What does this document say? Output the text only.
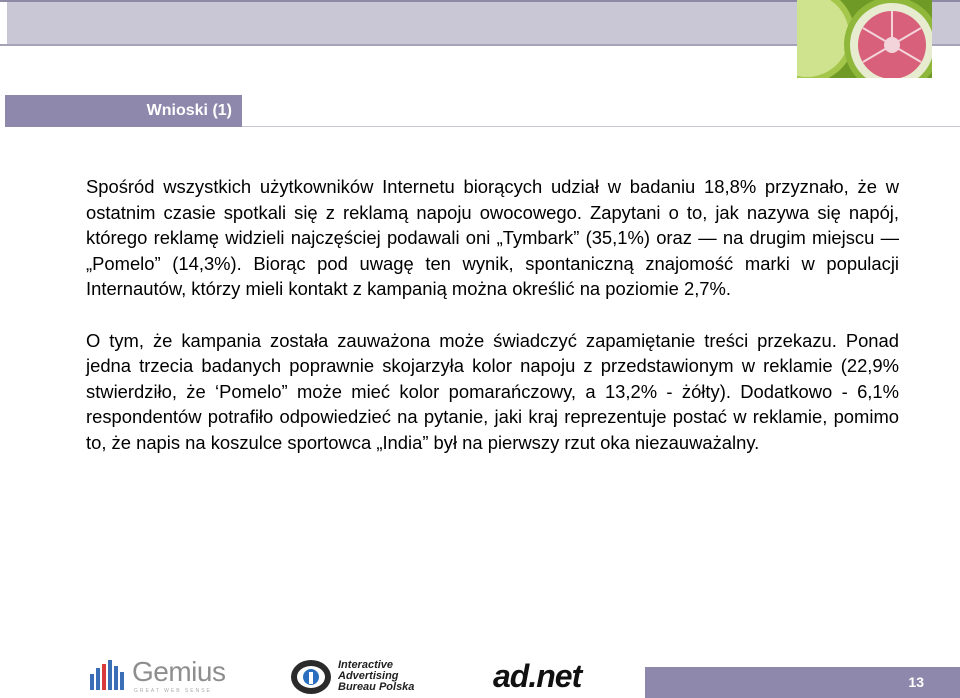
Wnioski (1)

Spośród wszystkich użytkowników Internetu biorących udział w badaniu 18,8% przyznało, że w ostatnim czasie spotkali się z reklamą napoju owocowego. Zapytani o to, jak nazywa się napój, którego reklamę widzieli najczęściej podawali oni „Tymbark” (35,1%) oraz — na drugim miejscu — „Pomelo” (14,3%). Biorąc pod uwagę ten wynik, spontaniczną znajomość marki w populacji Internautów, którzy mieli kontakt z kampanią można określić na poziomie 2,7%.

O tym, że kampania została zauważona może świadczyć zapamiętanie treści przekazu. Ponad jedna trzecia badanych poprawnie skojarzyła kolor napoju z przedstawionym w reklamie (22,9% stwierdziło, że ‘Pomelo” może mieć kolor pomarańczowy, a 13,2% - żółty). Dodatkowo - 6,1% respondentów potrafiło odpowiedzieć na pytanie, jaki kraj reprezentuje postać w reklamie, pomimo to, że napis na koszulce sportowca „India” był na pierwszy rzut oka niezauważalny.

Gemius
GREAT WEB SENSE
Interactive
Advertising
Bureau Polska ad.net	13
